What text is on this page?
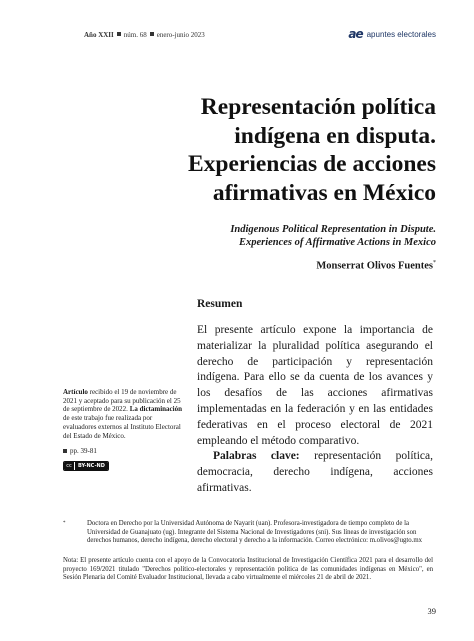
Año XXII núm. 68 enero-junio 2023	ae apuntes electorales
Representación política
indígena en disputa.
Experiencias de acciones
afirmativas en México
Indigenous Political Representation in Dispute.
Experiences of Affirmative Actions in Mexico
Monserrat Olivos Fuentes*
Resumen

El presente artículo expone la importancia de materializar la pluralidad política asegurando el derecho de participación y representación indígena. Para ello se da cuenta de los avances y los desafíos de las acciones afirmativas implementadas en la federación y en las entidades federativas en el proceso electoral de 2021 empleando el método comparativo.

Palabras clave: representación política, democracia, derecho indígena, acciones afirmativas.

Artículo recibido el 19 de noviembre de 2021 y aceptado para su publicación el 25 de septiembre de 2022. La dictaminación de este trabajo fue realizada por evaluadores externos al Instituto Electoral del Estado de México.
pp. 39-81
cc	BY-NC-ND
*	Doctora en Derecho por la Universidad Autónoma de Nayarit (uan). Profesora-investigadora de tiempo completo de la Universidad de Guanajuato (ug). Integrante del Sistema Nacional de Investigadores (sni). Sus líneas de investigación son derechos humanos, derecho indígena, derecho electoral y derecho a la información. Correo electrónico: m.olivos@ugto.mx
Nota: El presente artículo cuenta con el apoyo de la Convocatoria Institucional de Investigación Científica 2021 para el desarrollo del proyecto 169/2021 titulado "Derechos político-electorales y representación política de las comunidades indígenas en México", en Sesión Plenaria del Comité Evaluador Institucional, llevada a cabo virtualmente el miércoles 21 de abril de 2021.
39
